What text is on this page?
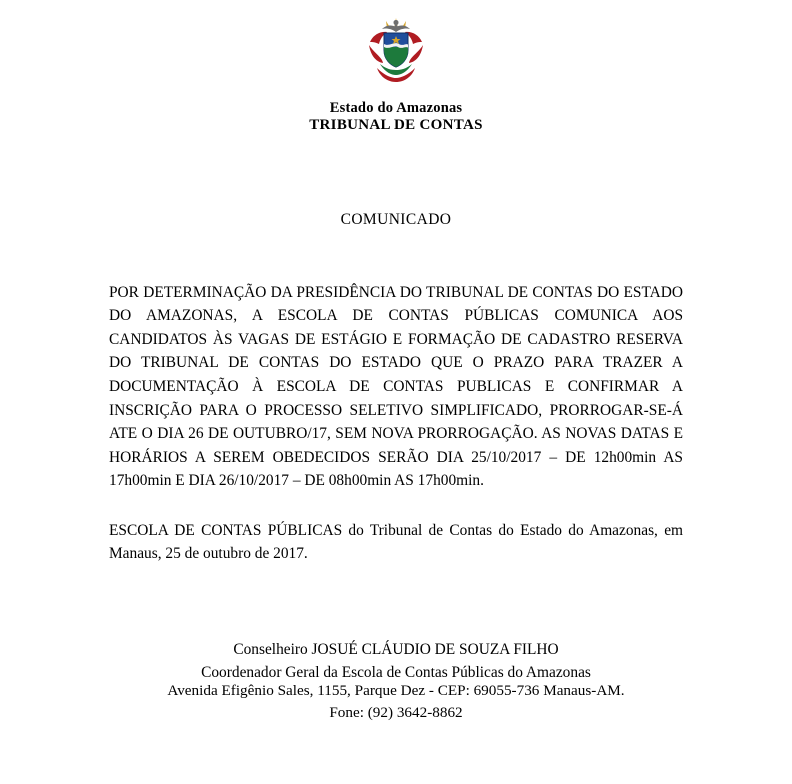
Estado do Amazonas
TRIBUNAL DE CONTAS
COMUNICADO

POR DETERMINAÇÃO DA PRESIDÊNCIA DO TRIBUNAL DE CONTAS DO ESTADO DO AMAZONAS, A ESCOLA DE CONTAS PÚBLICAS COMUNICA AOS CANDIDATOS ÀS VAGAS DE ESTÁGIO E FORMAÇÃO DE CADASTRO RESERVA DO TRIBUNAL DE CONTAS DO ESTADO QUE O PRAZO PARA TRAZER A DOCUMENTAÇÃO À ESCOLA DE CONTAS PUBLICAS E CONFIRMAR A INSCRIÇÃO PARA O PROCESSO SELETIVO SIMPLIFICADO, PRORROGAR-SE-Á ATE O DIA 26 DE OUTUBRO/17, SEM NOVA PRORROGAÇÃO. AS NOVAS DATAS E HORÁRIOS A SEREM OBEDECIDOS SERÃO DIA 25/10/2017 – DE 12h00min AS 17h00min E DIA 26/10/2017 – DE 08h00min AS 17h00min.

ESCOLA DE CONTAS PÚBLICAS do Tribunal de Contas do Estado do Amazonas, em Manaus, 25 de outubro de 2017.

Conselheiro JOSUÉ CLÁUDIO DE SOUZA FILHO
Coordenador Geral da Escola de Contas Públicas do Amazonas
Avenida Efigênio Sales, 1155, Parque Dez - CEP: 69055-736 Manaus-AM.
Fone: (92) 3642-8862
